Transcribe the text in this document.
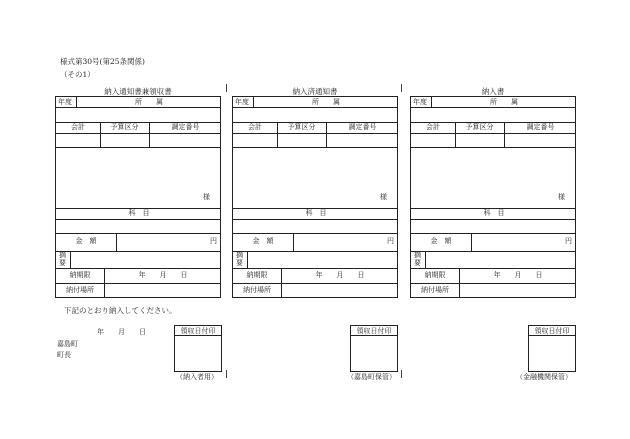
様式第30号(第25条関係)
（その1）
納入通知書兼領収書
年度	所　　属
会計	予算区分	調定番号
様
科　目
金　額	円
摘
要
納期限	年　　月　　日
納付場所
領収日付印
（納入者用）
納入済通知書
年度	所　　属
会計	予算区分	調定番号
様
科　目
金　額	円
摘
要
納期限	年　　月　　日
納付場所
領収日付印
（嘉島町保管）
納入書
年度	所　　属
会計	予算区分	調定番号
様
科　目
金　額	円
摘
要
納期限	年　　月　　日
納付場所
領収日付印
（金融機関保管）
下記のとおり納入してください。
年　　月　　日
嘉島町
町長
